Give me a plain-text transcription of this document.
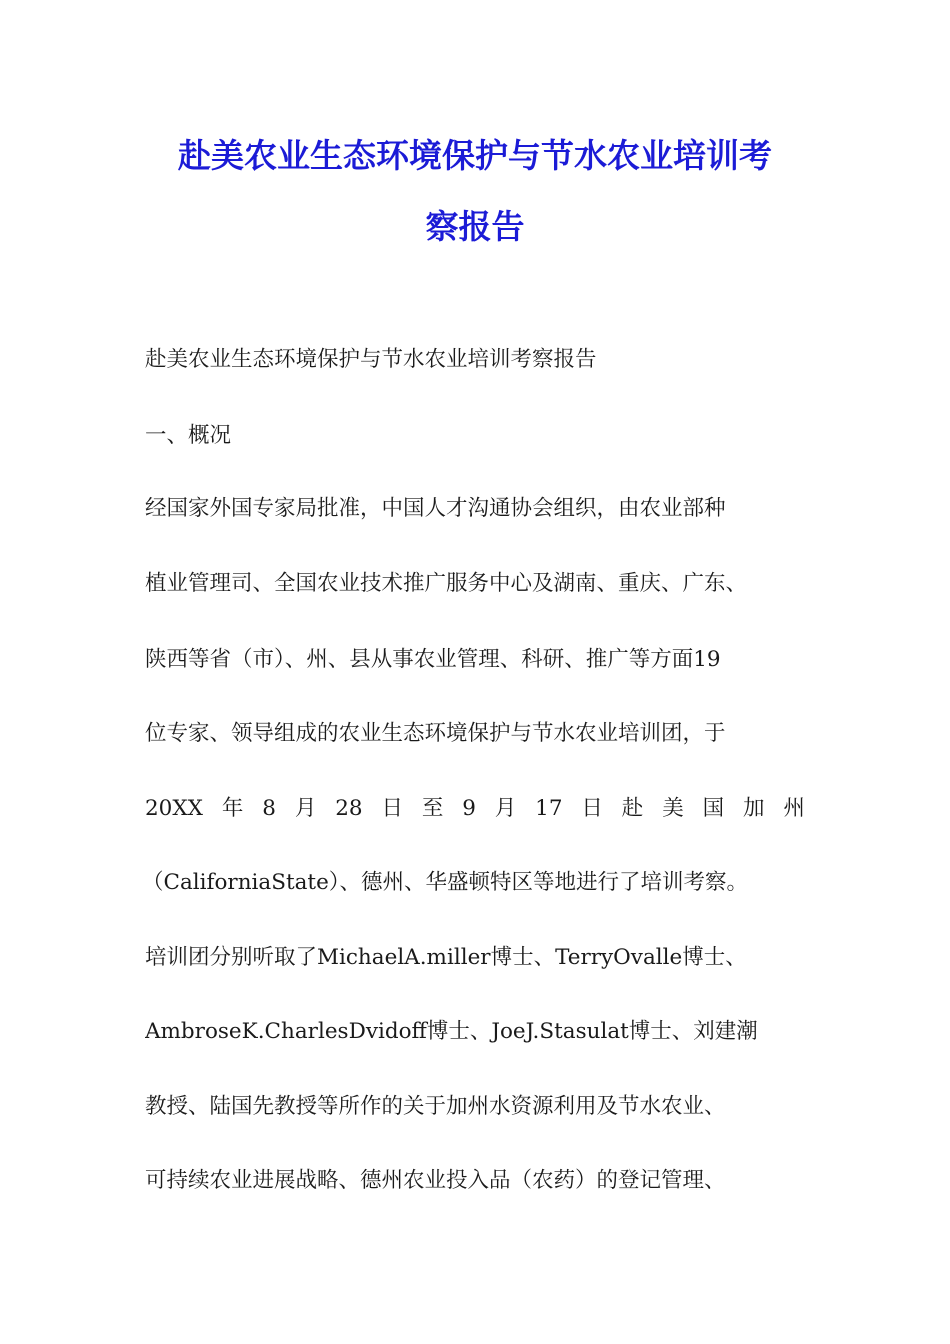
赴美农业生态环境保护与节水农业培训考
察报告
赴美农业生态环境保护与节水农业培训考察报告
一、概况
经国家外国专家局批准，中国人才沟通协会组织，由农业部种
植业管理司、全国农业技术推广服务中心及湖南、重庆、广东、
陕西等省（市）、州、县从事农业管理、科研、推广等方面19
位专家、领导组成的农业生态环境保护与节水农业培训团，于
20XX 年 8 月 28 日 至 9 月 17 日 赴 美 国 加 州
（CaliforniaState）、德州、华盛顿特区等地进行了培训考察。
培训团分别听取了MichaelA.miller博士、TerryOvalle博士、
AmbroseK.CharlesDvidoff博士、JoeJ.Stasulat博士、刘建潮
教授、陆国先教授等所作的关于加州水资源利用及节水农业、
可持续农业进展战略、德州农业投入品（农药）的登记管理、
